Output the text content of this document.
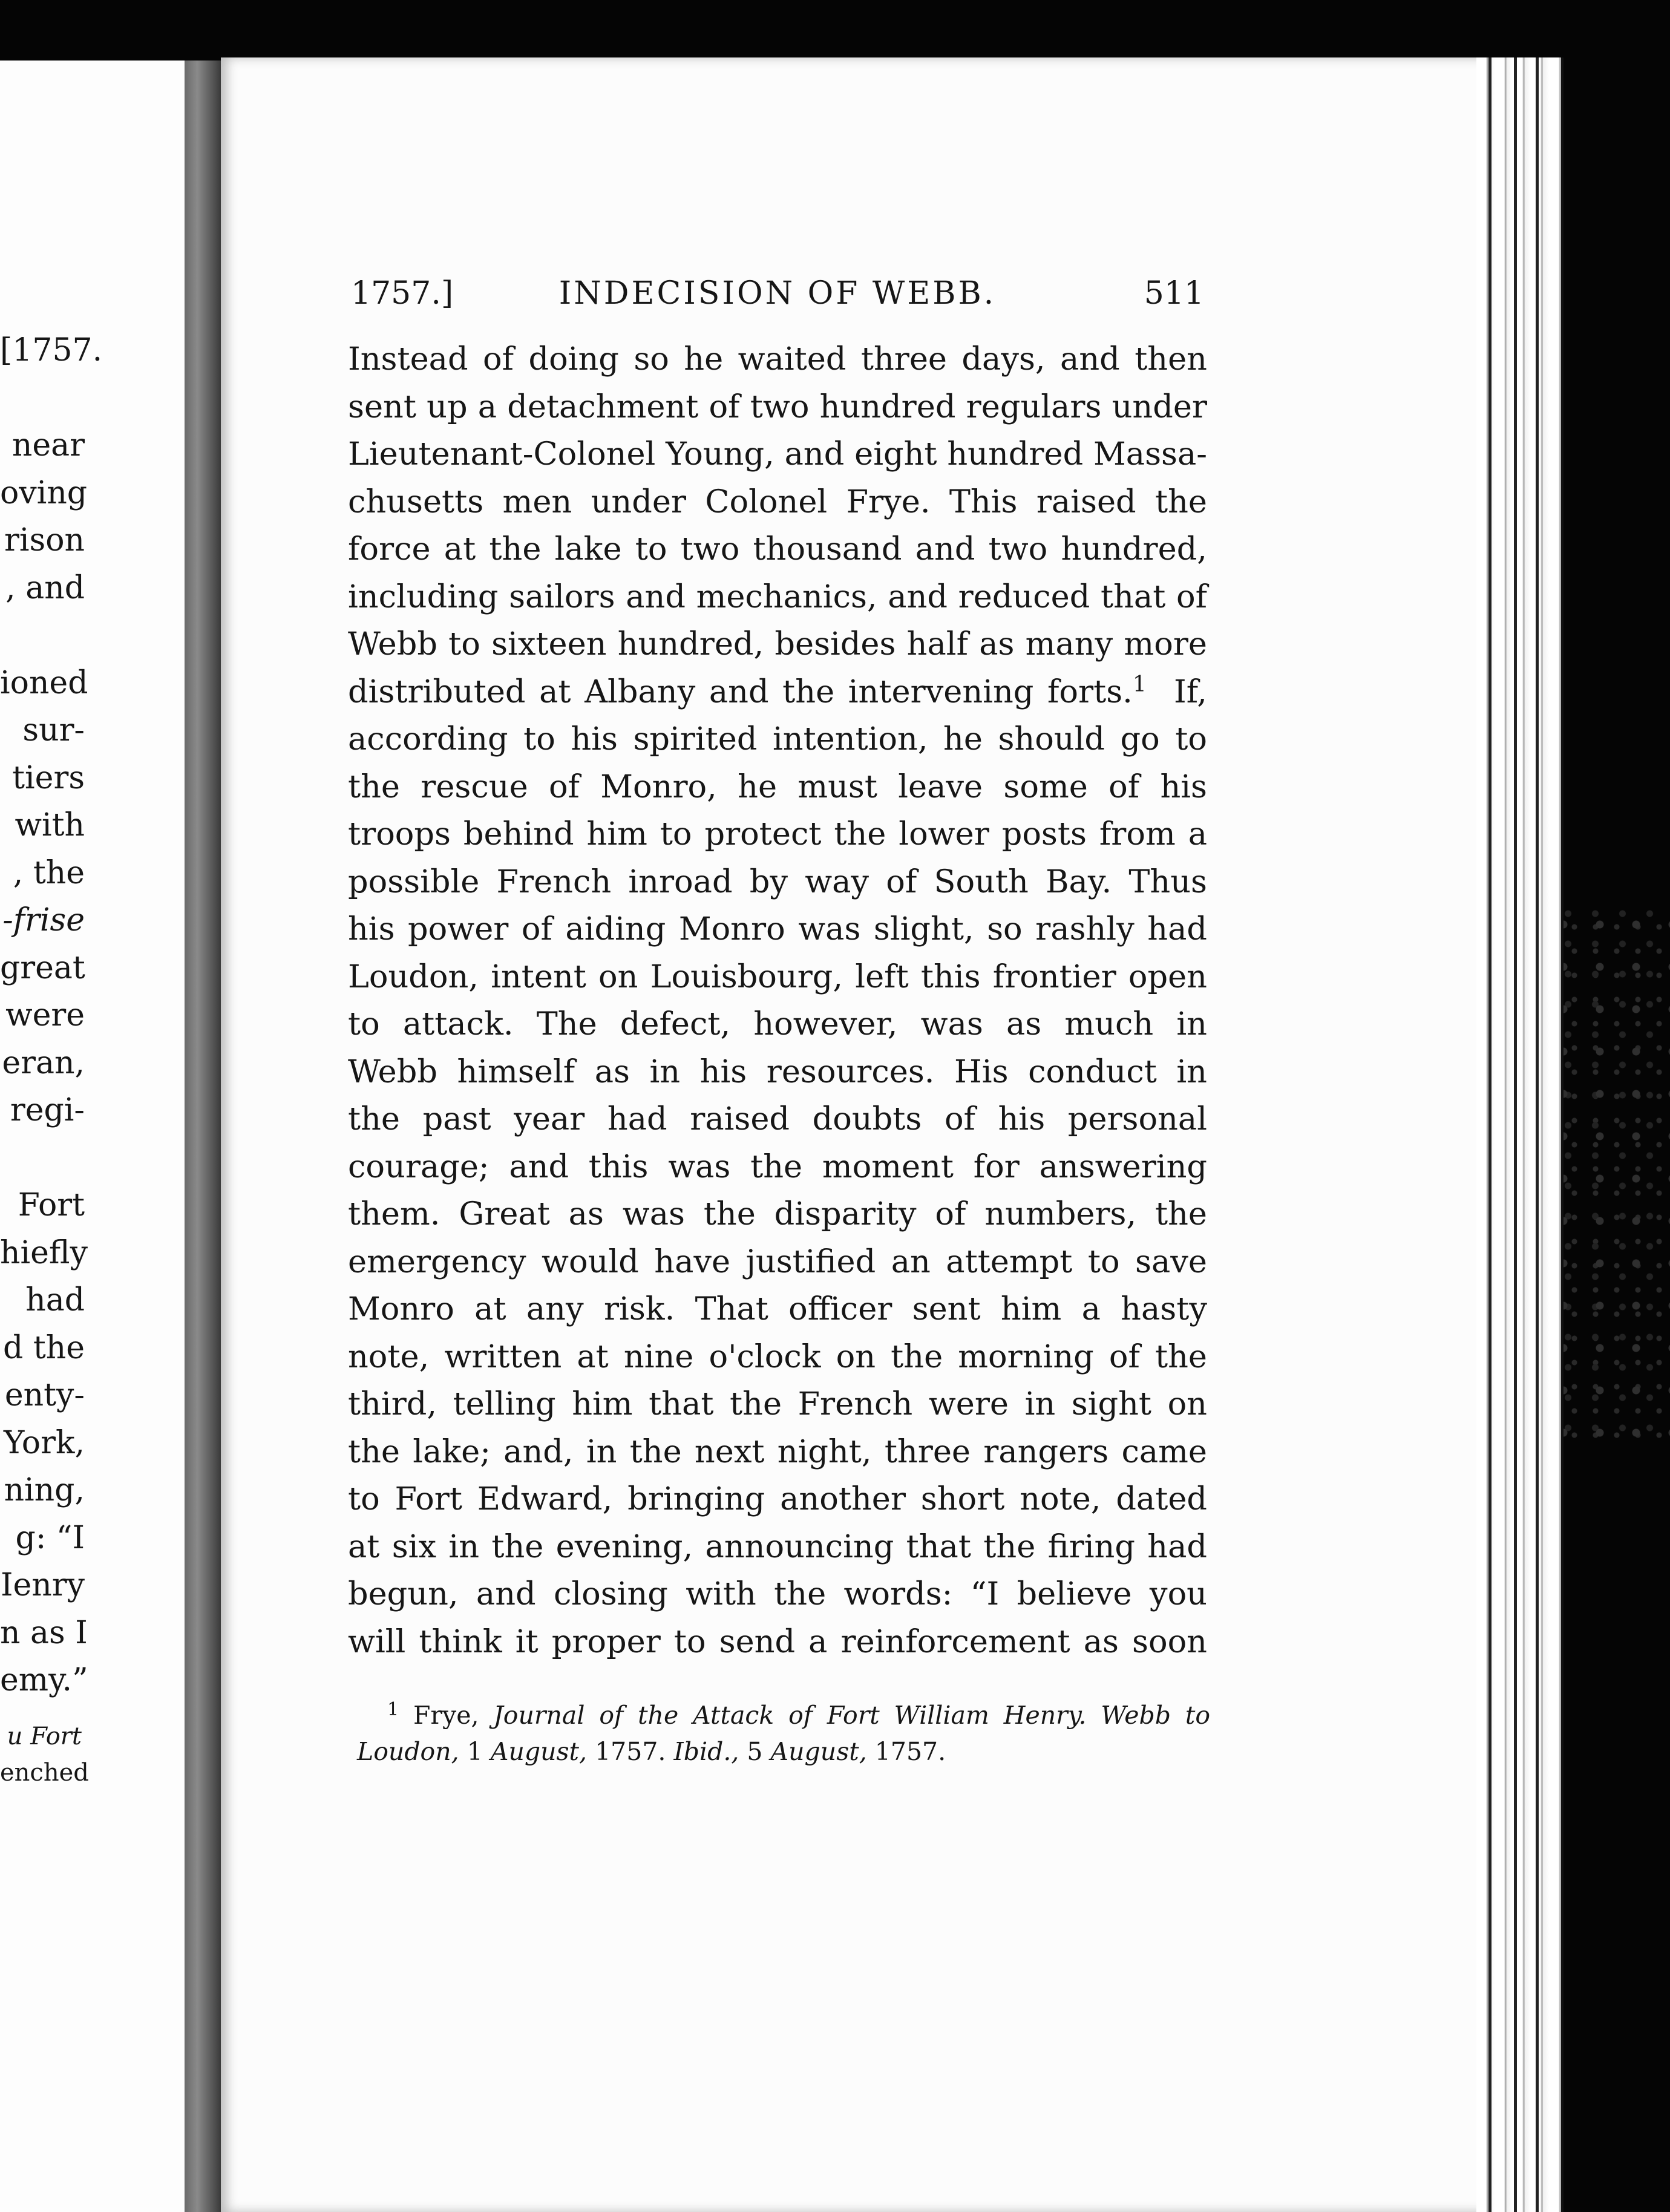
[1757.
near
oving
rison
, and
ioned
sur-
tiers
with
, the
-frise
great
were
eran,
regi-
Fort
hiefly
had
d the
enty-
York,
ning,
g: “I
Ienry
n as I
emy.”
u Fort
enched
1757.]	INDECISION OF WEBB.	511
Instead of doing so he waited three days, and then
sent up a detachment of two hundred regulars under
Lieutenant-Colonel Young, and eight hundred Massa-
chusetts men under Colonel Frye. This raised the
force at the lake to two thousand and two hundred,
including sailors and mechanics, and reduced that of
Webb to sixteen hundred, besides half as many more
distributed at Albany and the intervening forts.$^1$  If,
according to his spirited intention, he should go to
the rescue of Monro, he must leave some of his
troops behind him to protect the lower posts from a
possible French inroad by way of South Bay. Thus
his power of aiding Monro was slight, so rashly had
Loudon, intent on Louisbourg, left this frontier open
to attack. The defect, however, was as much in
Webb himself as in his resources. His conduct in
the past year had raised doubts of his personal
courage; and this was the moment for answering
them. Great as was the disparity of numbers, the
emergency would have justified an attempt to save
Monro at any risk. That officer sent him a hasty
note, written at nine o'clock on the morning of the
third, telling him that the French were in sight on
the lake; and, in the next night, three rangers came
to Fort Edward, bringing another short note, dated
at six in the evening, announcing that the firing had
begun, and closing with the words: “I believe you
will think it proper to send a reinforcement as soon
$^1$ Frye, Journal of the Attack of Fort William Henry. Webb to
Loudon, 1 August, 1757. Ibid., 5 August, 1757.
